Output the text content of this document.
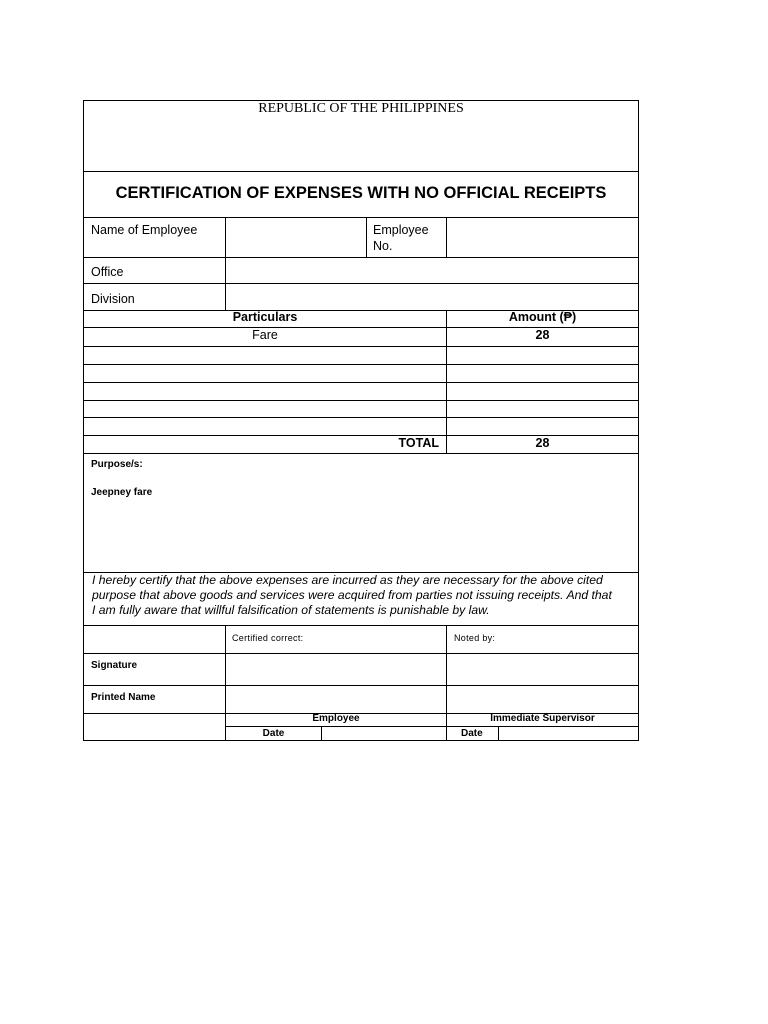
REPUBLIC OF THE PHILIPPINES
CERTIFICATION OF EXPENSES WITH NO OFFICIAL RECEIPTS
Name of Employee	Employee
No.
Office
Division
Particulars	Amount (₱)
Fare	28
TOTAL	28
Purpose/s:
Jeepney fare
I hereby certify that the above expenses are incurred as they are necessary for the above cited
purpose that above goods and services were acquired from parties not issuing receipts. And that
I am fully aware that willful falsification of statements is punishable by law.
Certified correct:	Noted by:
Signature
Printed Name
Employee	Immediate Supervisor
Date	Date
